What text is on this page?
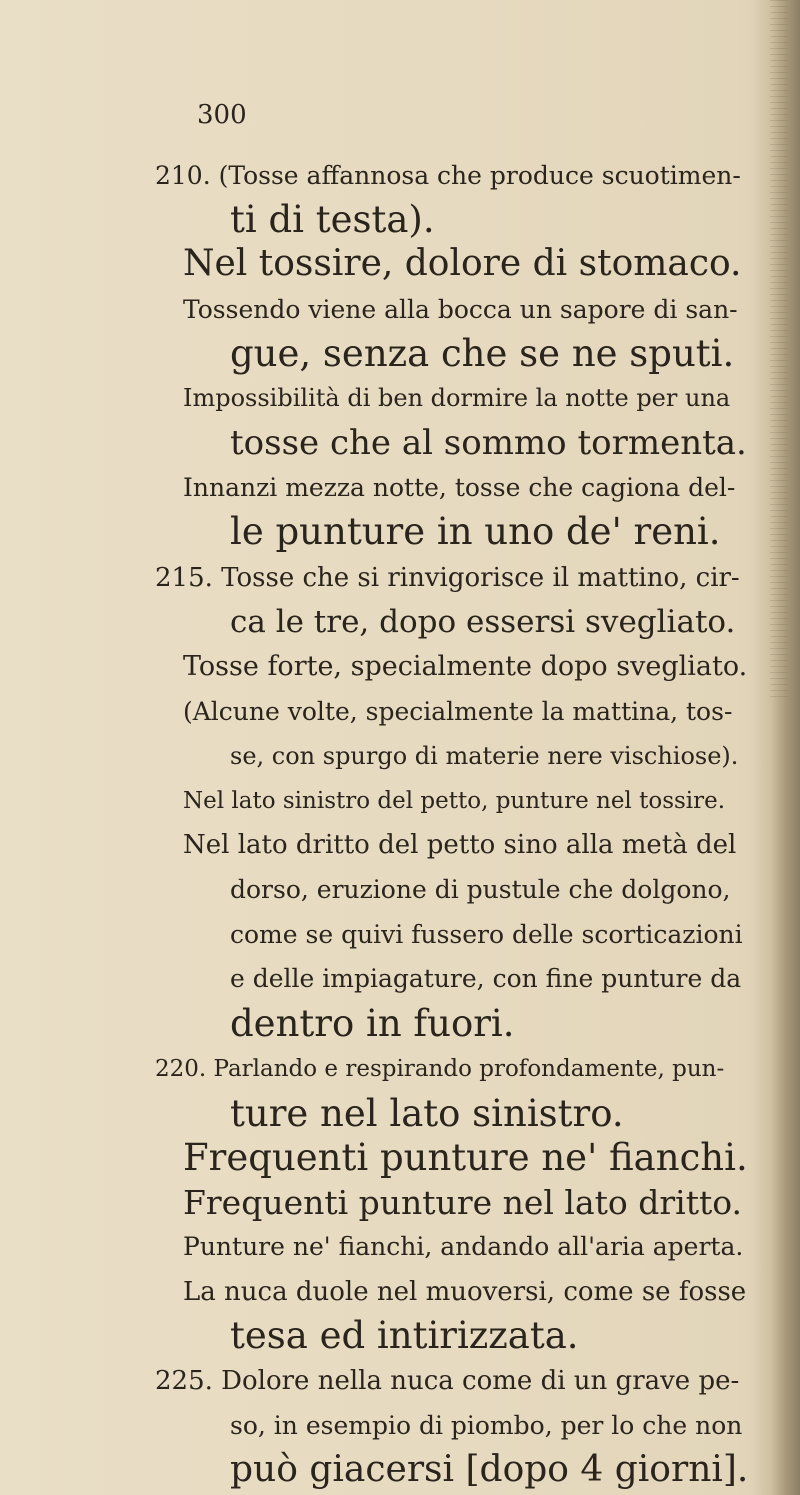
300
210. (Tosse affannosa che produce scuotimen-
ti di testa).
Nel tossire, dolore di stomaco.
Tossendo viene alla bocca un sapore di san-
gue, senza che se ne sputi.
Impossibilità di ben dormire la notte per una
tosse che al sommo tormenta.
Innanzi mezza notte, tosse che cagiona del-
le punture in uno de' reni.
215. Tosse che si rinvigorisce il mattino, cir-
ca le tre, dopo essersi svegliato.
Tosse forte, specialmente dopo svegliato.
(Alcune volte, specialmente la mattina, tos-
se, con spurgo di materie nere vischiose).
Nel lato sinistro del petto, punture nel tossire.
Nel lato dritto del petto sino alla metà del
dorso, eruzione di pustule che dolgono,
come se quivi fussero delle scorticazioni
e delle impiagature, con fine punture da
dentro in fuori.
220. Parlando e respirando profondamente, pun-
ture nel lato sinistro.
Frequenti punture ne' fianchi.
Frequenti punture nel lato dritto.
Punture ne' fianchi, andando all'aria aperta.
La nuca duole nel muoversi, come se fosse
tesa ed intirizzata.
225. Dolore nella nuca come di un grave pe-
so, in esempio di piombo, per lo che non
può giacersi [dopo 4 giorni].
